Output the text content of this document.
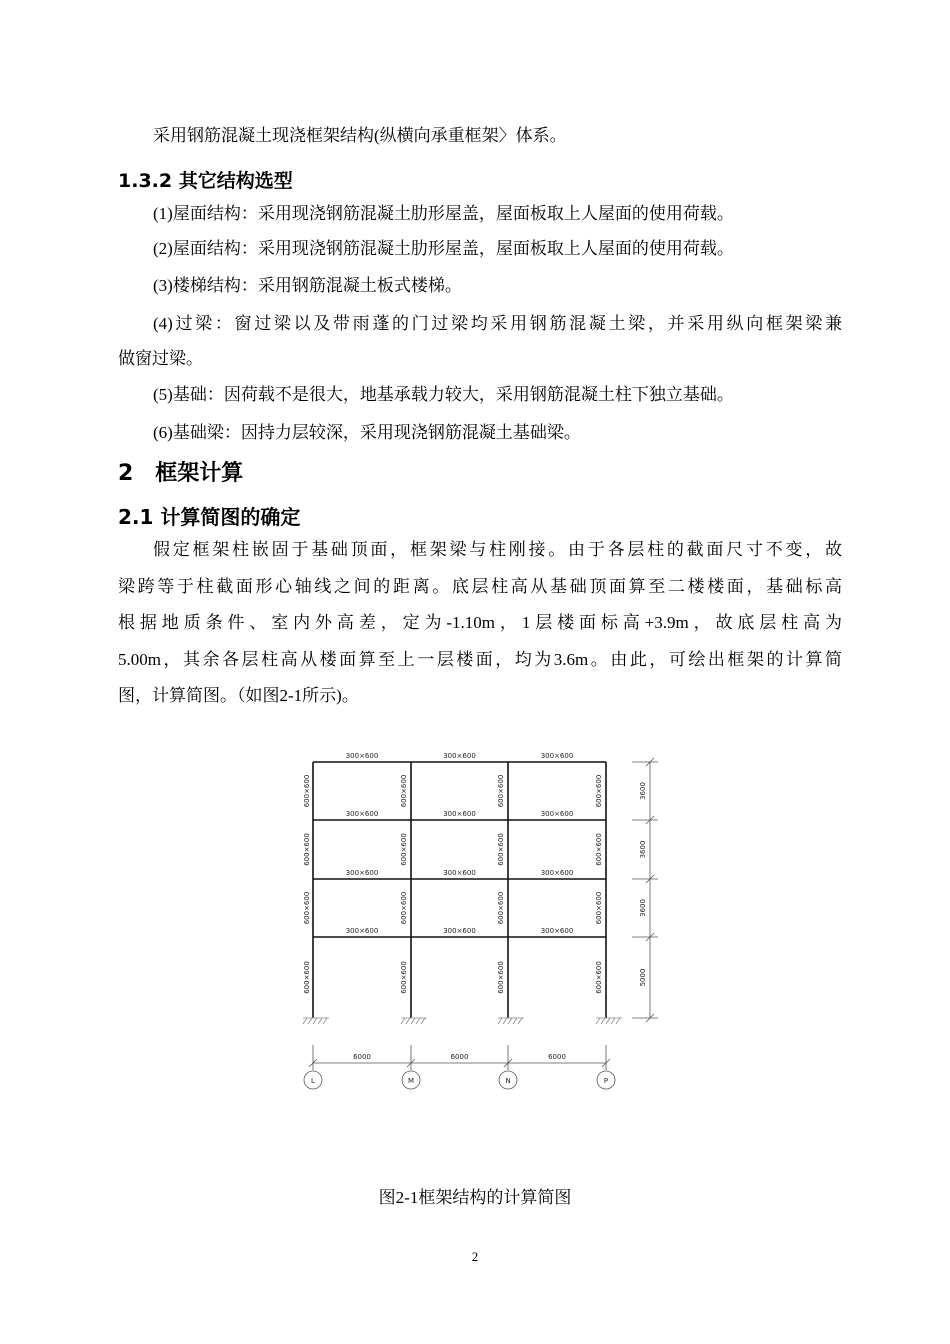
采用钢筋混凝土现浇框架结构(纵横向承重框架〉体系。
1.3.2 其它结构选型
(1)屋面结构：采用现浇钢筋混凝土肋形屋盖，屋面板取上人屋面的使用荷载。
(2)屋面结构：采用现浇钢筋混凝土肋形屋盖，屋面板取上人屋面的使用荷载。
(3)楼梯结构：采用钢筋混凝土板式楼梯。
(4)过梁：窗过梁以及带雨蓬的门过梁均采用钢筋混凝土梁，并采用纵向框架梁兼
做窗过梁。
(5)基础：因荷载不是很大，地基承载力较大，采用钢筋混凝土柱下独立基础。
(6)基础梁：因持力层较深，采用现浇钢筋混凝土基础梁。
2　框架计算
2.1 计算简图的确定
假定框架柱嵌固于基础顶面，框架梁与柱刚接。由于各层柱的截面尺寸不变，故
梁跨等于柱截面形心轴线之间的距离。底层柱高从基础顶面算至二楼楼面，基础标高
根据地质条件、室内外高差，定为-1.10m，1层楼面标高+3.9m，故底层柱高为
5.00m，其余各层柱高从楼面算至上一层楼面，均为3.6m。由此，可绘出框架的计算简
图，计算简图。（如图2-1所示)。
300×600	300×600	300×600
300×600	300×600	300×600
300×600	300×600	300×600
300×600	300×600	300×600
600×600
600×600
600×600
600×600
600×600
600×600
600×600
600×600
600×600
600×600
600×600
600×600
600×600
600×600
600×600
600×600
3600
3600
3600
5000
L	M	N	P
6000	6000	6000
图2-1框架结构的计算简图
2
